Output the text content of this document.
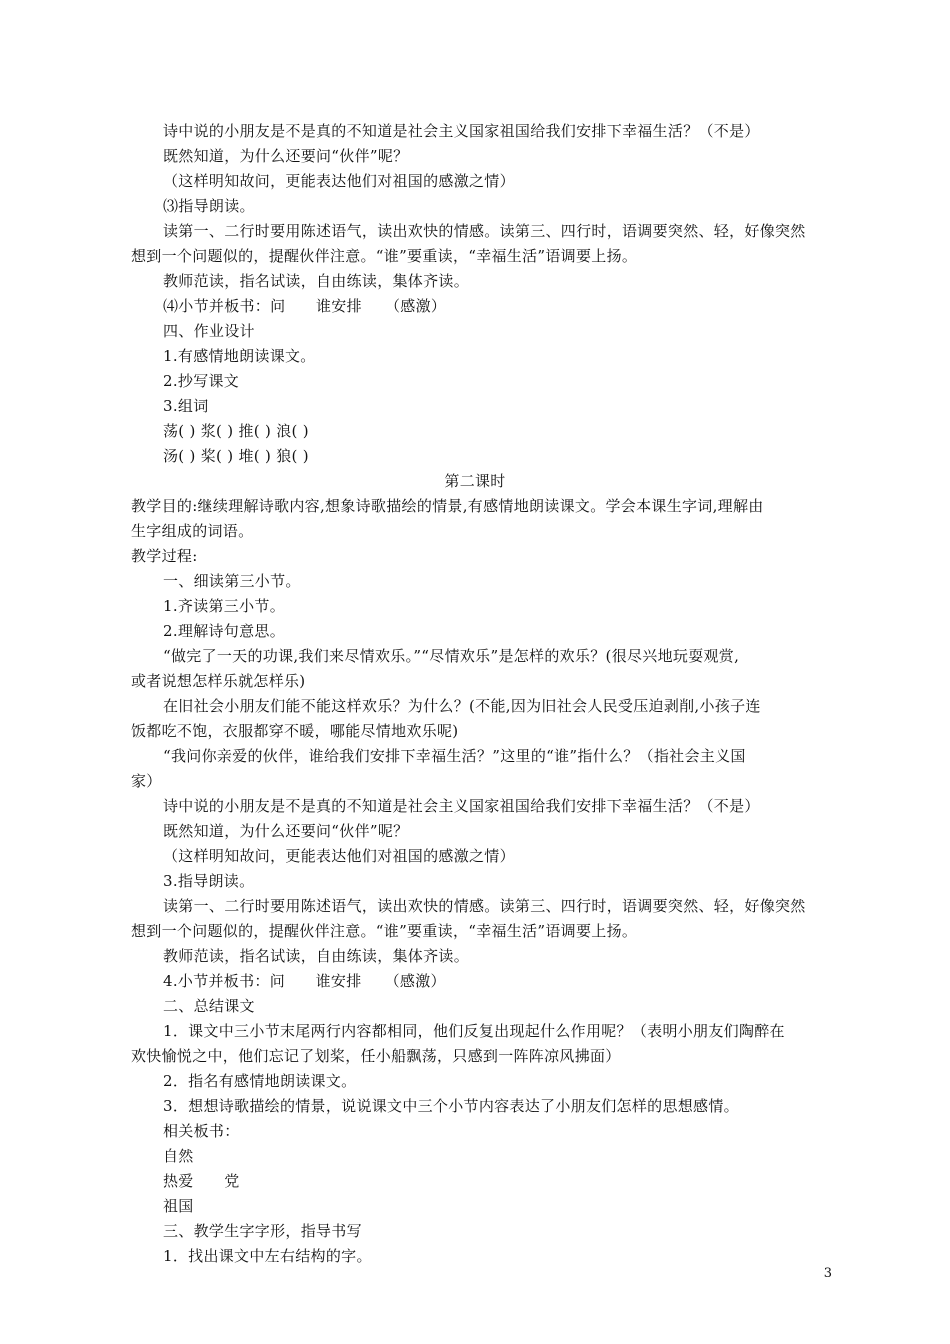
诗中说的小朋友是不是真的不知道是社会主义国家祖国给我们安排下幸福生活？（不是）
既然知道，为什么还要问“伙伴”呢？
（这样明知故问，更能表达他们对祖国的感激之情）
⑶指导朗读。
读第一、二行时要用陈述语气，读出欢快的情感。读第三、四行时，语调要突然、轻，好像突然
想到一个问题似的，提醒伙伴注意。“谁”要重读，“幸福生活”语调要上扬。
教师范读，指名试读，自由练读，集体齐读。
⑷小节并板书：问　　谁安排　　（感激）
四、作业设计
1.有感情地朗读课文。
2.抄写课文
3.组词
荡( ) 浆( ) 推( ) 浪( )
汤( ) 桨( ) 堆( ) 狼( )
第二课时
教学目的:继续理解诗歌内容,想象诗歌描绘的情景,有感情地朗读课文。学会本课生字词,理解由
生字组成的词语。
教学过程:
一、细读第三小节。
1.齐读第三小节。
2.理解诗句意思。
“做完了一天的功课,我们来尽情欢乐。”“尽情欢乐”是怎样的欢乐？(很尽兴地玩耍观赏,
或者说想怎样乐就怎样乐)
在旧社会小朋友们能不能这样欢乐？为什么？(不能,因为旧社会人民受压迫剥削,小孩子连
饭都吃不饱，衣服都穿不暖，哪能尽情地欢乐呢)
“我问你亲爱的伙伴，谁给我们安排下幸福生活？”这里的“谁”指什么？（指社会主义国
家）
诗中说的小朋友是不是真的不知道是社会主义国家祖国给我们安排下幸福生活？（不是）
既然知道，为什么还要问“伙伴”呢？
（这样明知故问，更能表达他们对祖国的感激之情）
3.指导朗读。
读第一、二行时要用陈述语气，读出欢快的情感。读第三、四行时，语调要突然、轻，好像突然
想到一个问题似的，提醒伙伴注意。“谁”要重读，“幸福生活”语调要上扬。
教师范读，指名试读，自由练读，集体齐读。
4.小节并板书：问　　谁安排　　（感激）
二、总结课文
1．课文中三小节末尾两行内容都相同，他们反复出现起什么作用呢？（表明小朋友们陶醉在
欢快愉悦之中，他们忘记了划桨，任小船飘荡，只感到一阵阵凉风拂面）
2．指名有感情地朗读课文。
3．想想诗歌描绘的情景，说说课文中三个小节内容表达了小朋友们怎样的思想感情。
相关板书：
自然
热爱　　党
祖国
三、教学生字字形，指导书写
1．找出课文中左右结构的字。
3
